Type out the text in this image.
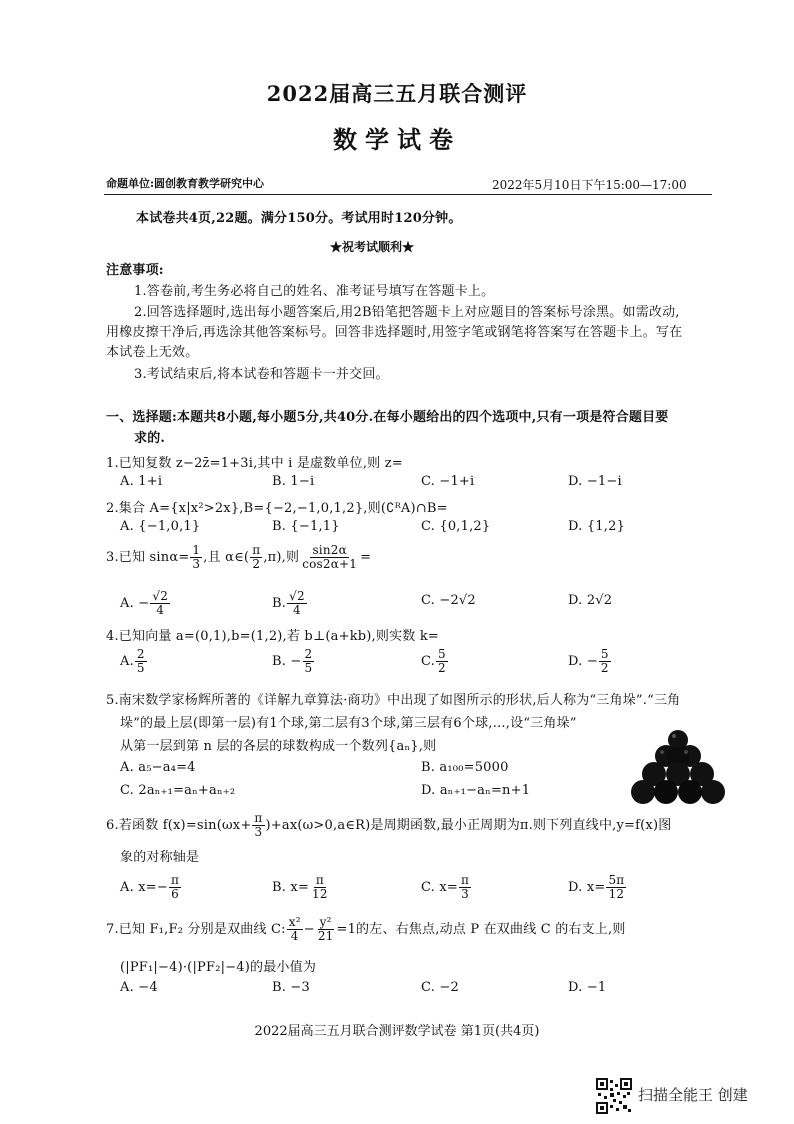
2022届高三五月联合测评
数学试卷
命题单位:圆创教育教学研究中心	2022年5月10日下午15:00—17:00
本试卷共4页,22题。满分150分。考试用时120分钟。
★祝考试顺利★
注意事项:
1.答卷前,考生务必将自己的姓名、准考证号填写在答题卡上。
2.回答选择题时,选出每小题答案后,用2B铅笔把答题卡上对应题目的答案标号涂黑。如需改动,
用橡皮擦干净后,再选涂其他答案标号。回答非选择题时,用签字笔或钢笔将答案写在答题卡上。写在
本试卷上无效。
3.考试结束后,将本试卷和答题卡一并交回。
一、选择题:本题共8小题,每小题5分,共40分.在每小题给出的四个选项中,只有一项是符合题目要
求的.
1.已知复数 z−2z̄=1+3i,其中 i 是虚数单位,则 z=
A. 1+i	B. 1−i	C. −1+i	D. −1−i
2.集合 A={x|x²>2x},B={−2,−1,0,1,2},则(∁ᴿA)∩B=
A. {−1,0,1}	B. {−1,1}	C. {0,1,2}	D. {1,2}
3.已知 $\sin\alpha= \frac{1}{3}$ ,且 α∈( $\frac{\pi}{2} ,\pi$),则 $\frac{\sin 2\alpha}{\cos 2\alpha+1}$ =
A. − $\frac{√2}{4}$	B. $\frac{√2}{4}$	C. −2√2	D. 2√2
4.已知向量 a=(0,1),b=(1,2),若 b⊥(a+kb),则实数 k=
A. $\frac{2}{5}$	B. − $\frac{2}{5}$	C. $\frac{5}{2}$	D. − $\frac{5}{2}$
5.南宋数学家杨辉所著的《详解九章算法·商功》中出现了如图所示的形状,后人称为“三角垛”.“三角
垛”的最上层(即第一层)有1个球,第二层有3个球,第三层有6个球,…,设“三角垛”
从第一层到第 n 层的各层的球数构成一个数列{aₙ},则
A. a₅−a₄=4	B. a₁₀₀=5000
C. 2aₙ₊₁=aₙ+aₙ₊₂	D. aₙ₊₁−aₙ=n+1
6.若函数 $f(x)=\sin(\omega x+ \frac{\pi}{3}$ )+ax(ω>0,a∈R)是周期函数,最小正周期为π.则下列直线中,y=f(x)图
象的对称轴是
A. $x=- \frac{\pi}{6}$	B. $x= \frac{\pi}{12}$	C. $x= \frac{\pi}{3}$	D. $x= \frac{5\pi}{12}$
7.已知 F₁,F₂ 分别是双曲线 C: $\frac{\text{x²}}{4} - \frac{\text{y²}}{21} =1$的左、右焦点,动点 P 在双曲线 C 的右支上,则
(|PF₁|−4)·(|PF₂|−4)的最小值为
A. −4	B. −3	C. −2	D. −1
2022届高三五月联合测评数学试卷 第1页(共4页)
扫描全能王 创建
